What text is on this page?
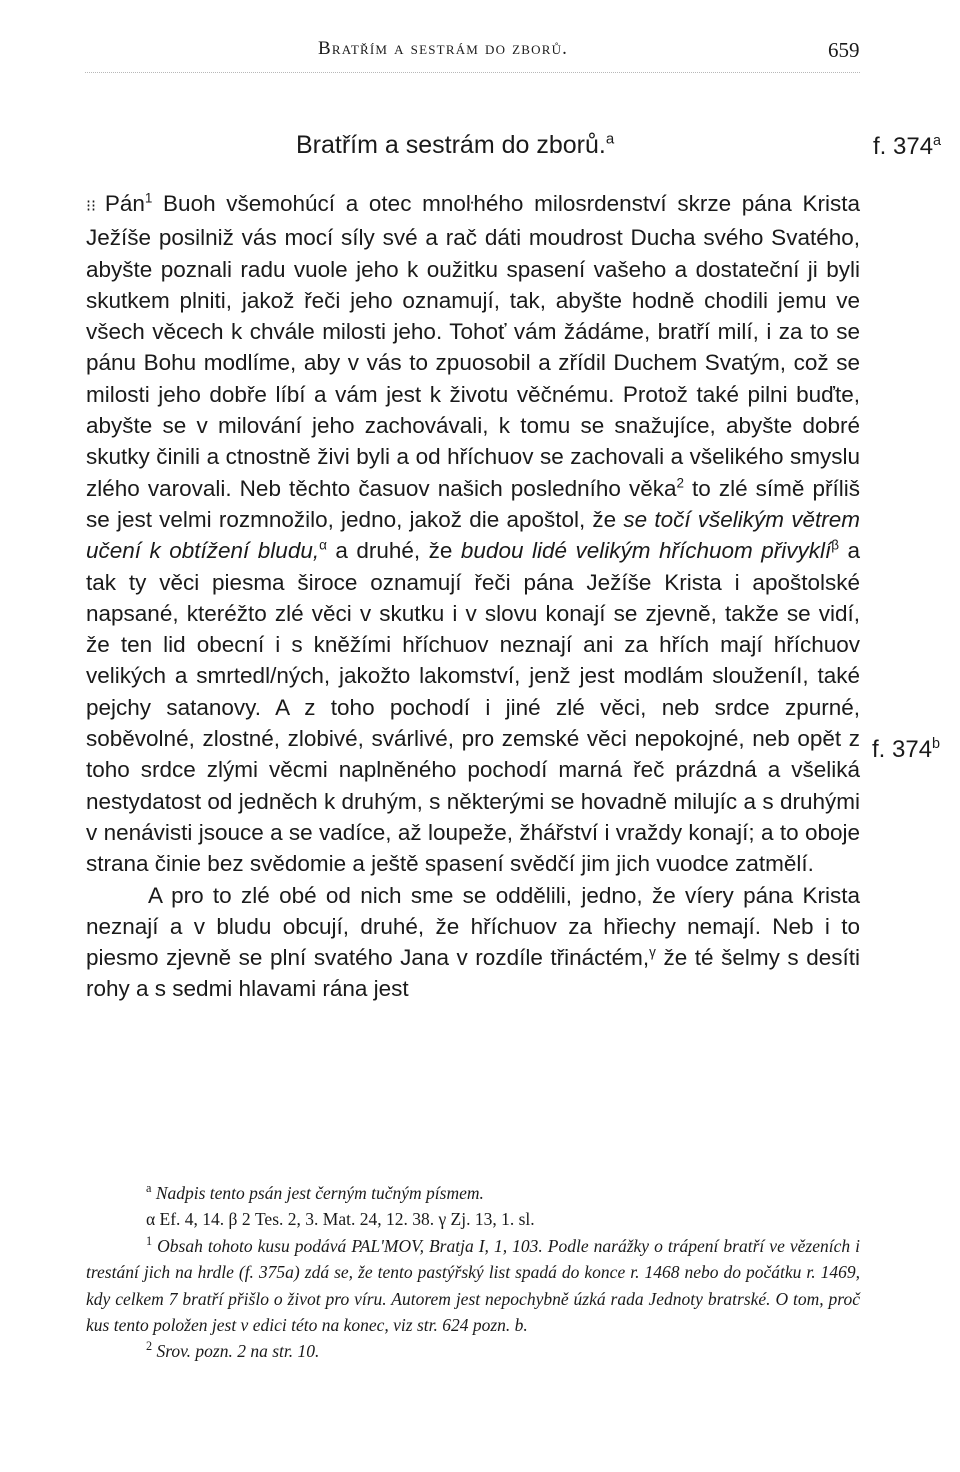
Bratřím a sestrám do zborů.	659
Bratřím a sestrám do zborů.$^a$	f. 374$^a$
f. 374$^b$

⁝⁝ Pán$^1$ Buoh všemohúcí a otec mnoŀhého milosrdenství skrze pána Krista Ježíše posilniž vás mocí síly své a rač dáti moudrost Ducha svého Svatého, abyšte poznali radu vuole jeho k oužitku spasení vašeho a dostatеční ji byli skutkem plniti, jakož řeči jeho oznamují, tak, abyšte hodně chodili jemu ve všech věcech k chvále milosti jeho. Tohoť vám žádáme, bratří milí, i za to se pánu Bohu modlíme, aby v vás to zpuosobil a zřídil Duchem Svatým, což se milosti jeho dobře líbí a vám jest k životu věčnému. Protož také pilni buďte, abyšte se v milování jeho zachovávali, k tomu se snažujíce, abyšte dobré skutky činili a ctnostně živi byli a od hříchuov se zachovali a všelikého smyslu zlého varovali. Neb těchto časuov našich posledního věka$^2$ to zlé símě příliš se jest velmi rozmnožilo, jedno, jakož die apoštol, že se točí všelikým větrem učení k obtížení bludu,$^\alpha$ a druhé, že budou lidé velikým hříchuom přivyklí$^\beta$ a tak ty věci piesma široce oznamují řeči pána Ježíše Krista i apoštolské napsané, kteréžto zlé věci v skutku i v slovu konají se zjevně, takže se vidí, že ten lid obecní i s kněžími hříchuov neznají ani za hřích mají hříchuov velikých a smrtedl/ných, jakožto lakomství, jenž jest modlám slouženíI, také pejchy satanovy. A z toho pochodí i jiné zlé věci, neb srdce zpurné, soběvolné, zlostné, zlobivé, svárlivé, pro zemské věci nepokojné, neb opět z toho srdce zlými věcmi naplněného pochodí marná řeč prázdná a všeliká nestydatost od jedněch k druhým, s některými se hovadně milujíc a s druhými v nenávisti jsouce a se vadíce, až loupeže, žhářství i vraždy konají; a to oboje strana činie bez svědomie a ještě spasení svědčí jim jich vuodce zatmělí.

A pro to zlé obé od nich sme se oddělili, jedno, že víery pána Krista neznají a v bludu obcují, druhé, že hříchuov za hřiechy nemají. Neb i to piesmo zjevně se plní svatého Jana v rozdíle třináctém,$^\gamma$ že té šelmy s desíti rohy a s sedmi hlavami rána jest

$^a$ Nadpis tento psán jest černým tučným písmem.

α Ef. 4, 14. β 2 Tes. 2, 3. Mat. 24, 12. 38. γ Zj. 13, 1. sl.

$^1$ Obsah tohoto kusu podává PAL'MOV, Bratja I, 1, 103. Podle narážky o trápení bratří ve vězeních i trestání jich na hrdle (f. 375a) zdá se, že tento pastýřský list spadá do konce r. 1468 nebo do počátku r. 1469, kdy celkem 7 bratří přišlo o život pro víru. Autorem jest nepochybně úzká rada Jednoty bratrské. O tom, proč kus tento položen jest v edici této na konec, viz str. 624 pozn. b.

$^2$ Srov. pozn. 2 na str. 10.
